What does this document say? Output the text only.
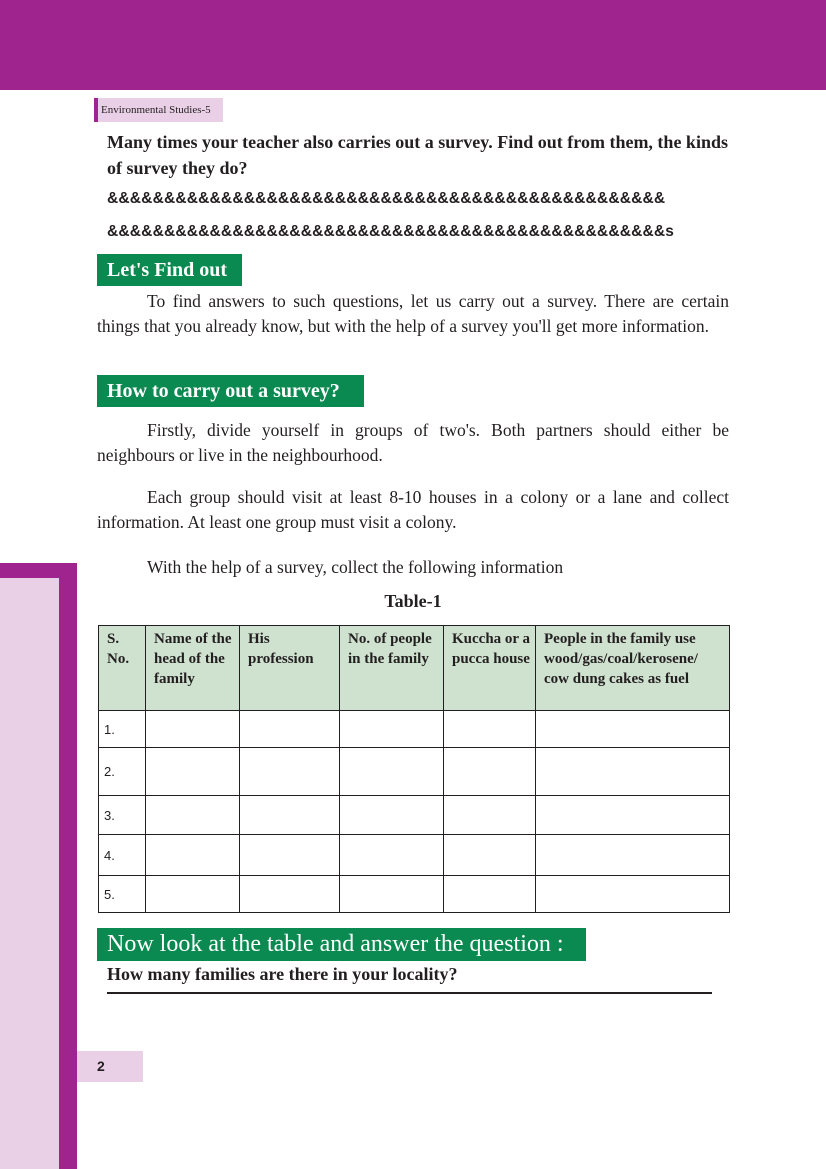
Environmental Studies-5
Many times your teacher also carries out a survey. Find out from them, the kinds of survey they do?
&&&&&&&&&&&&&&&&&&&&&&&&&&&&&&&&&&&&&&&&&&&&&&&&&
&&&&&&&&&&&&&&&&&&&&&&&&&&&&&&&&&&&&&&&&&&&&&&&&&s
Let's Find out

To find answers to such questions, let us carry out a survey. There are certain things that you already know, but with the help of a survey you'll get more information.

How to carry out a survey?

Firstly, divide yourself in groups of two's. Both partners should either be neighbours or live in the neighbourhood.

Each group should visit at least 8-10 houses in a colony or a lane and collect information. At least one group must visit a colony.

With the help of a survey, collect the following information

Table-1
S. No.	Name of the head of the family	His profession	No. of people in the family	Kuccha or a pucca house	People in the family use wood/gas/coal/kerosene/ cow dung cakes as fuel
1.					
2.					
3.					
4.					
5.					
Now look at the table and answer the question :
How many families are there in your locality?
2
